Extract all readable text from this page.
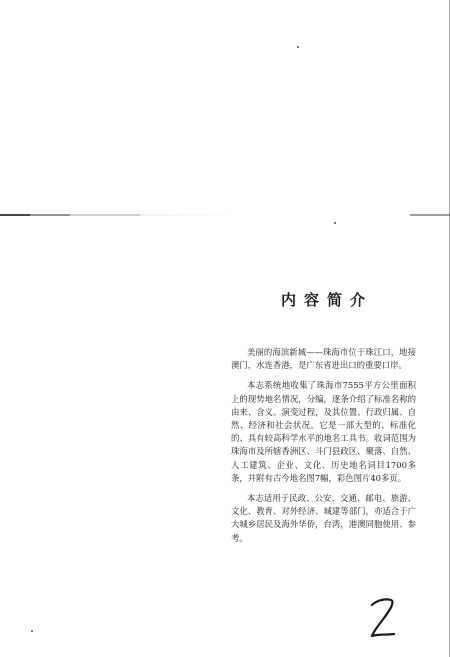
内容简介

美丽的海滨新城——珠海市位于珠江口，地接澳门，水连香港，是广东省进出口的重要口岸。

本志系统地收集了珠海市7555平方公里面积上的现势地名情况，分编，逐条介绍了标准名称的由来、含义、演变过程，及其位置、行政归属、自然、经济和社会状况。它是一部大型的、标准化的、具有较高科学水平的地名工具书。收词范围为珠海市及所辖香洲区、斗门县政区、聚落、自然、人工建筑、企业、文化、历史地名词目1700多条，并附有古今地名图7幅，彩色图片40多页。

本志适用于民政、公安、交通、邮电、旅游、文化、教育、对外经济、城建等部门，亦适合于广大城乡居民及海外华侨，台湾，港澳同胞使用、参考。
